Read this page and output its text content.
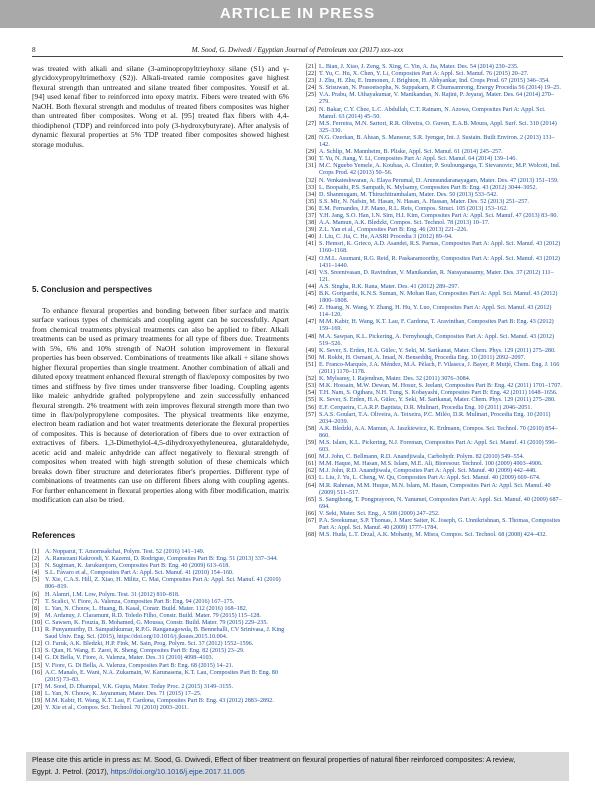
ARTICLE IN PRESS
8	M. Sood, G. Dwivedi / Egyptian Journal of Petroleum xxx (2017) xxx–xxx

was treated with alkali and silane (3-aminopropyltrieyhoxy silane (S1) and γ-glycidoxypropyltrimethoxy (S2)). Alkali-treated ramie composites gave highest flexural strength than untreated and silane treated fiber composites. Yousif et al. [94] used kenaf fiber to reinforced into epoxy matrix. Fibers were treated with 6% NaOH. Both flexural strength and modulus of treated fibers composites was higher than untreated fiber composites. Wong et al. [95] treated flax fibers with 4,4-thiodiphenol (TDP) and reinforced into poly (3-hydroxybutyrate). After analysis of dynamic flexural properties at 5% TDP treated fiber composites showed highest storage modulus.

5. Conclusion and perspectives

To enhance flexural properties and bonding between fiber surface and matrix surface various types of chemicals and coupling agent can be successfully. Apart from chemical treatments physical treatments can also be applied to fiber. Alkali treatments can be used as primary treatments for all type of fibers due. Treatments with 5%, 6% and 10% strength of NaOH solution improvement in flexural properties has been observed. Combinations of treatments like alkali + silane shows higher flexural properties than single treatment. Another combination of alkali and diluted epoxy treatment enhanced flexural strength of flax/epoxy composites by two times and stiffness by five times under transverse fiber loading. Coupling agents like maleic anhydride grafted polypropylene and zein successfully enhanced flexural strength. 2% treatment with zein improves flexural strength more than two time in flax/polypropylene composites. The physical treatments like enzyme, electron beam radiation and hot water treatments deteriorate the flexural properties of composites. This is because of deterioration of fibers due to over extraction of extractives of fibers. 1,3-Dimethylol-4,5-dihydroxyethyleneurea, glutaraldehyde, acetic acid and maleic anhydride can affect negatively to flexural strength of composites when treated with high strength solution of these chemicals which breaks down fiber structure and deteriorates fiber's properties. Different type of combinations of treatments can use on different fibers along with coupling agents. For further enhancement in flexural properties along with fiber modification, matrix modification can also be tried.

References
[1] A. Nopparut, T. Amornsakchai, Polym. Test. 52 (2016) 141–149.
[2] A. Ramezani Kakroodi, Y. Kazemi, D. Rodrigue, Composites Part B: Eng. 51 (2013) 337–344.
[3] N. Sugiman, K. Jarukumjorn, Composites Part B: Eng. 40 (2009) 613–618.
[4] S.L. Fávaro et al., Composites Part A: Appl. Sci. Manuf. 41 (2010) 154–160.
[5] Y. Xie, C.A.S. Hill, Z. Xiao, H. Militz, C. Mai, Composites Part A: Appl. Sci. Manuf. 41 (2010) 806–819.
[6] H. Alamri, I.M. Low, Polym. Test. 31 (2012) 810–818.
[7] T. Scalici, V. Fiore, A. Valenza, Composites Part B: Eng. 94 (2016) 167–175.
[8] L. Yan, N. Chouw, L. Huang, B. Kasal, Constr. Build. Mater. 112 (2016) 168–182.
[9] M. Ardanuy, J. Claramunt, R.D. Toledo Filho, Constr. Build. Mater. 79 (2015) 115–128.
[10] C. Sawsen, K. Fouzia, B. Mohamed, G. Moussa, Constr. Build. Mater. 79 (2015) 229–235.
[11] R. Punyamurthy, D. Sampathkumar, R.P.G. Ranganagowda, B. Bennehalli, CV Srinivasa, J. King Saud Univ. Eng. Sci. (2015), https://doi.org/10.1016/j.jksues.2015.10.004.
[12] O. Faruk, A.K. Bledzki, H.P. Fink, M. Sain, Prog. Polym. Sci. 37 (2012) 1552–1596.
[13] S. Qian, H. Wang, E. Zarei, K. Sheng, Composites Part B: Eng. 82 (2015) 23–29.
[14] G. Di Bella, V. Fiore, A. Valenza, Mater. Des. 31 (2010) 4098–4103.
[15] V. Fiore, G. Di Bella, A. Valenza, Composites Part B: Eng. 68 (2015) 14–21.
[16] A.C. Manalo, E. Wani, N.A. Zukarnain, W. Karunasena, K.T. Lau, Composites Part B: Eng. 80 (2015) 73–83.
[17] M. Sood, D. Dhampal, V.K. Gupta, Mater. Today Proc. 2 (2015) 3149–3155.
[18] L. Yan, N. Chouw, K. Jayaraman, Mater. Des. 71 (2015) 17–25.
[19] M.M. Kabir, H. Wang, K.T. Lau, F. Cardona, Composites Part B: Eng. 43 (2012) 2883–2892.
[20] Y. Xie et al., Compos. Sci. Technol. 70 (2010) 2003–2011.
[21] L. Bian, J. Xiao, J. Zeng, S. Xing, C. Yin, A. Jia, Mater. Des. 54 (2014) 230–235.
[22] T. Yu, C. Hu, X. Chen, Y. Li, Composites Part A: Appl. Sci. Manuf. 76 (2015) 20–27.
[23] J. Zhu, H. Zhu, E. Immonen, J. Brighton, H. Abhyankar, Ind. Crops Prod. 67 (2015) 346–354.
[24] S. Srisuwan, N. Prasoetsopha, N. Suppakarn, P. Chumsamrong, Energy Procedia 56 (2014) 19–25.
[25] V.A. Prabu, M. Uthayakumar, V. Manikandan, N. Rajini, P. Jeyaraj, Mater. Des. 64 (2014) 270–279.
[26] N. Bakar, C.Y. Chee, L.C. Abdullah, C.T. Ratnam, N. Azowa, Composites Part A: Appl. Sci. Manuf. 63 (2014) 45–50.
[27] M.S. Ferreira, M.N. Sartori, R.R. Oliveira, O. Guven, E.A.B. Moura, Appl. Surf. Sci. 310 (2014) 325–330.
[28] N.G. Ozerkan, B. Ahsan, S. Mansour, S.R. Iyengar, Int. J. Sustain. Built Environ. 2 (2013) 131–142.
[29] A. Schlip, M. Mannheim, B. Pliske, Appl. Sci. Manuf. 61 (2014) 245–257.
[30] T. Yu, N. Jiang, Y. Li, Composites Part A: Appl. Sci. Manuf. 64 (2014) 139–146.
[31] M.C. Nguebo Yemele, A. Koubaa, A. Cloutier, P. Soulounganga, T. Stevanovic, M.P. Wolcott, Ind. Crops Prod. 42 (2013) 50–56.
[32] N. Venkateshwaran, A. Elaya Perumal, D. Arunsundaranayagam, Mater. Des. 47 (2013) 151–159.
[33] L. Boopathi, P.S. Sampath, K. Mylsamy, Composites Part B: Eng. 43 (2012) 3044–3052.
[34] D. Shanmugam, M. Thiruchitrambalam, Mater. Des. 50 (2013) 533–542.
[35] S.S. Mir, N. Nafsin, M. Hasan, N. Hasan, A. Hassan, Mater. Des. 52 (2013) 251–257.
[36] E.M. Fernandes, J.F. Mano, R.L. Reis, Compos. Struct. 105 (2013) 153–162.
[37] Y.H. Jang, S.O. Han, I.N. Sim, H.I. Kim, Composites Part A: Appl. Sci. Manuf. 47 (2013) 83–90.
[38] A.A. Mamun, A.K. Bledzki, Compos. Sci. Technol. 78 (2013) 10–17.
[39] Z.L. Yan et al., Composites Part B: Eng. 46 (2013) 221–226.
[40] J. Liu, C. Jia, C. He, AASRI Procedia 3 (2012) 89–94.
[41] S. Hemsri, K. Grieco, A.D. Asandei, R.S. Parnas, Composites Part A: Appl. Sci. Manuf. 43 (2012) 1160–1168.
[42] O.M.L. Asumani, R.G. Reid, R. Paskaramoorthy, Composites Part A: Appl. Sci. Manuf. 43 (2012) 1431–1440.
[43] V.S. Sreenivasan, D. Ravindran, V. Manikandan, R. Narayanasamy, Mater. Des. 37 (2012) 111–121.
[44] A.S. Singha, R.K. Rana, Mater. Des. 41 (2012) 289–297.
[45] B.K. Goriparthi, K.N.S. Suman, N. Mohan Rao, Composites Part A: Appl. Sci. Manuf. 43 (2012) 1800–1808.
[46] Z. Huang, N. Wang, Y. Zhang, H. Hu, Y. Luo, Composites Part A: Appl. Sci. Manuf. 43 (2012) 114–120.
[47] M.M. Kabir, H. Wang, K.T. Lau, F. Cardona, T. Aravinthan, Composites Part B: Eng. 43 (2012) 159–169.
[48] M.A. Sawpan, K.L. Pickering, A. Fernyhough, Composites Part A: Appl. Sci. Manuf. 43 (2012) 519–526.
[49] K. Sever, S. Erden, H.A. Gülec, Y. Seki, M. Sarikanat, Mater. Chem. Phys. 129 (2011) 275–280.
[50] M. Rokbi, H. Osmani, A. Imad, N. Benseddiq, Procedia Eng. 10 (2011) 2092–2097.
[51] E. Franco-Marquès, J.A. Méndez, M.A. Pèlach, F. Vilaseca, J. Bayer, P. Mutjé, Chem. Eng. J. 166 (2011) 1170–1178.
[52] K. Mylsamy, I. Rajendran, Mater. Des. 32 (2011) 3076–3084.
[53] M.K. Hossain, M.W. Dewan, M. Hosur, S. Jeelani, Composites Part B: Eng. 42 (2011) 1701–1707.
[54] T.H. Nam, S. Ogihara, N.H. Tung, S. Kobayashi, Composites Part B: Eng. 42 (2011) 1648–1656.
[55] K. Sever, S. Erden, H.A. Gülec, Y. Seki, M. Sarikanat, Mater. Chem. Phys. 129 (2011) 275–280.
[56] E.F. Cerqueira, C.A.R.P. Baptista, D.R. Mulinari, Procedia Eng. 10 (2011) 2046–2051.
[57] S.A.S. Goulart, T.A. Oliveira, A. Teixeira, P.C. Miléo, D.R. Mulinari, Procedia Eng. 10 (2011) 2034–2039.
[58] A.K. Bledzki, A.A. Mamun, A. Jaszkiewicz, K. Erdmann, Compos. Sci. Technol. 70 (2010) 854–860.
[59] M.S. Islam, K.L. Pickering, N.J. Foreman, Composites Part A: Appl. Sci. Manuf. 41 (2010) 596–603.
[60] M.J. John, C. Bellmann, R.D. Anandjiwala, Carbohydr. Polym. 82 (2010) 549–554.
[61] M.M. Haque, M. Hasan, M.S. Islam, M.E. Ali, Bioresour. Technol. 100 (2009) 4903–4906.
[62] M.J. John, R.D. Anandjiwala, Composites Part A: Appl. Sci. Manuf. 40 (2009) 442–448.
[63] L. Liu, J. Yu, L. Cheng, W. Qu, Composites Part A: Appl. Sci. Manuf. 40 (2009) 669–674.
[64] M.R. Rahman, M.M. Huque, M.N. Islam, M. Hasan, Composites Part A: Appl. Sci. Manuf. 40 (2009) 511–517.
[65] S. Sangthong, T. Pongprayoon, N. Yanumet, Composites Part A: Appl. Sci. Manuf. 40 (2009) 687–694.
[66] V. Seki, Mater. Sci. Eng., A 508 (2009) 247–252.
[67] P.A. Sreekumar, S.P. Thomas, J. Marc Saiter, K. Joseph, G. Unnikrishnan, S. Thomas, Composites Part A: Appl. Sci. Manuf. 40 (2009) 1777–1784.
[68] M.S. Huda, L.T. Drzal, A.K. Mohanty, M. Misra, Compos. Sci. Technol. 68 (2008) 424–432.
Please cite this article in press as: M. Sood, G. Dwivedi, Effect of fiber treatment on flexural properties of natural fiber reinforced composites: A review,
Egypt. J. Petrol. (2017), https://doi.org/10.1016/j.ejpe.2017.11.005
